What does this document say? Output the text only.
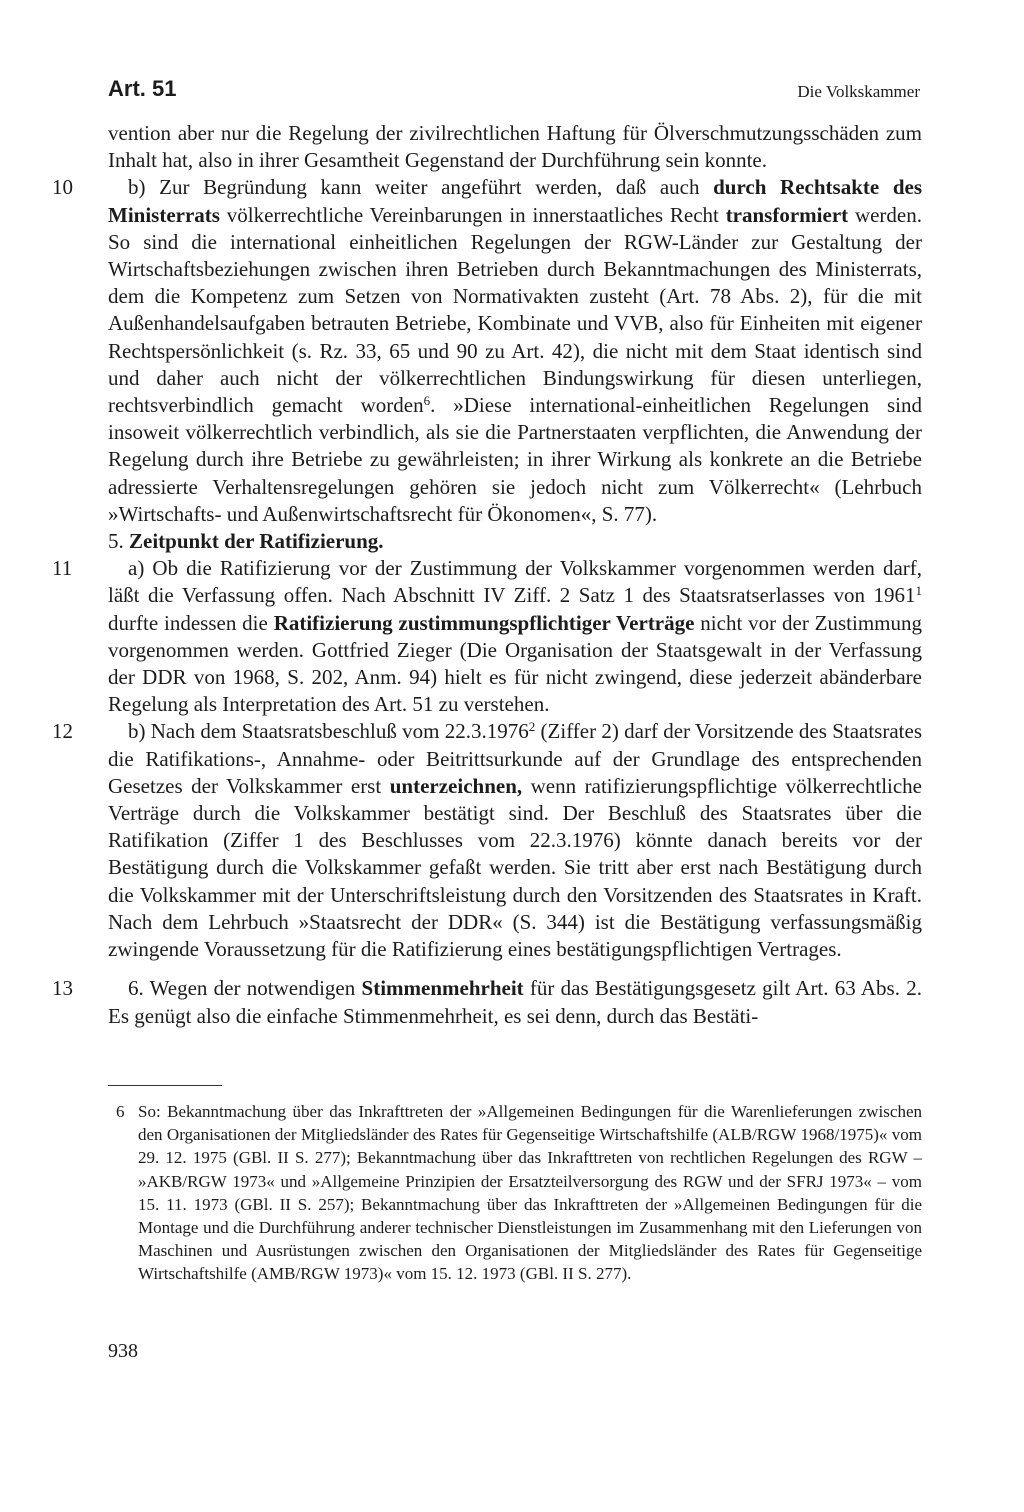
Art. 51	Die Volkskammer

vention aber nur die Regelung der zivilrechtlichen Haftung für Ölverschmutzungsschäden zum Inhalt hat, also in ihrer Gesamtheit Gegenstand der Durchführung sein konnte.

10	b) Zur Begründung kann weiter angeführt werden, daß auch durch Rechtsakte des Ministerrats völkerrechtliche Vereinbarungen in innerstaatliches Recht transformiert werden. So sind die international einheitlichen Regelungen der RGW-Länder zur Gestaltung der Wirtschaftsbeziehungen zwischen ihren Betrieben durch Bekanntmachungen des Ministerrats, dem die Kompetenz zum Setzen von Normativakten zusteht (Art. 78 Abs. 2), für die mit Außenhandelsaufgaben betrauten Betriebe, Kombinate und VVB, also für Einheiten mit eigener Rechtspersönlichkeit (s. Rz. 33, 65 und 90 zu Art. 42), die nicht mit dem Staat identisch sind und daher auch nicht der völkerrechtlichen Bindungswirkung für diesen unterliegen, rechtsverbindlich gemacht worden$^6$. »Diese international-einheitlichen Regelungen sind insoweit völkerrechtlich verbindlich, als sie die Partnerstaaten verpflichten, die Anwendung der Regelung durch ihre Betriebe zu gewährleisten; in ihrer Wirkung als konkrete an die Betriebe adressierte Verhaltensregelungen gehören sie jedoch nicht zum Völkerrecht« (Lehrbuch »Wirtschafts- und Außenwirtschaftsrecht für Ökonomen«, S. 77).

5. Zeitpunkt der Ratifizierung.

11	a) Ob die Ratifizierung vor der Zustimmung der Volkskammer vorgenommen werden darf, läßt die Verfassung offen. Nach Abschnitt IV Ziff. 2 Satz 1 des Staatsratserlasses von 1961$^1$ durfte indessen die Ratifizierung zustimmungspflichtiger Verträge nicht vor der Zustimmung vorgenommen werden. Gottfried Zieger (Die Organisation der Staatsgewalt in der Verfassung der DDR von 1968, S. 202, Anm. 94) hielt es für nicht zwingend, diese jederzeit abänderbare Regelung als Interpretation des Art. 51 zu verstehen.

12	b) Nach dem Staatsratsbeschluß vom 22.3.1976$^2$ (Ziffer 2) darf der Vorsitzende des Staatsrates die Ratifikations-, Annahme- oder Beitrittsurkunde auf der Grundlage des entsprechenden Gesetzes der Volkskammer erst unterzeichnen, wenn ratifizierungspflichtige völkerrechtliche Verträge durch die Volkskammer bestätigt sind. Der Beschluß des Staatsrates über die Ratifikation (Ziffer 1 des Beschlusses vom 22.3.1976) könnte danach bereits vor der Bestätigung durch die Volkskammer gefaßt werden. Sie tritt aber erst nach Bestätigung durch die Volkskammer mit der Unterschriftsleistung durch den Vorsitzenden des Staatsrates in Kraft. Nach dem Lehrbuch »Staatsrecht der DDR« (S. 344) ist die Bestätigung verfassungsmäßig zwingende Voraussetzung für die Ratifizierung eines bestätigungspflichtigen Vertrages.

13	6. Wegen der notwendigen Stimmenmehrheit für das Bestätigungsgesetz gilt Art. 63 Abs. 2. Es genügt also die einfache Stimmenmehrheit, es sei denn, durch das Bestäti-

6 So: Bekanntmachung über das Inkrafttreten der »Allgemeinen Bedingungen für die Warenlieferungen zwischen den Organisationen der Mitgliedsländer des Rates für Gegenseitige Wirtschaftshilfe (ALB/RGW 1968/1975)« vom 29. 12. 1975 (GBl. II S. 277); Bekanntmachung über das Inkrafttreten von rechtlichen Regelungen des RGW – »AKB/RGW 1973« und »Allgemeine Prinzipien der Ersatzteilversorgung des RGW und der SFRJ 1973« – vom 15. 11. 1973 (GBl. II S. 257); Bekanntmachung über das Inkrafttreten der »Allgemeinen Bedingungen für die Montage und die Durchführung anderer technischer Dienstleistungen im Zusammenhang mit den Lieferungen von Maschinen und Ausrüstungen zwischen den Organisationen der Mitgliedsländer des Rates für Gegenseitige Wirtschaftshilfe (AMB/RGW 1973)« vom 15. 12. 1973 (GBl. II S. 277).
938
